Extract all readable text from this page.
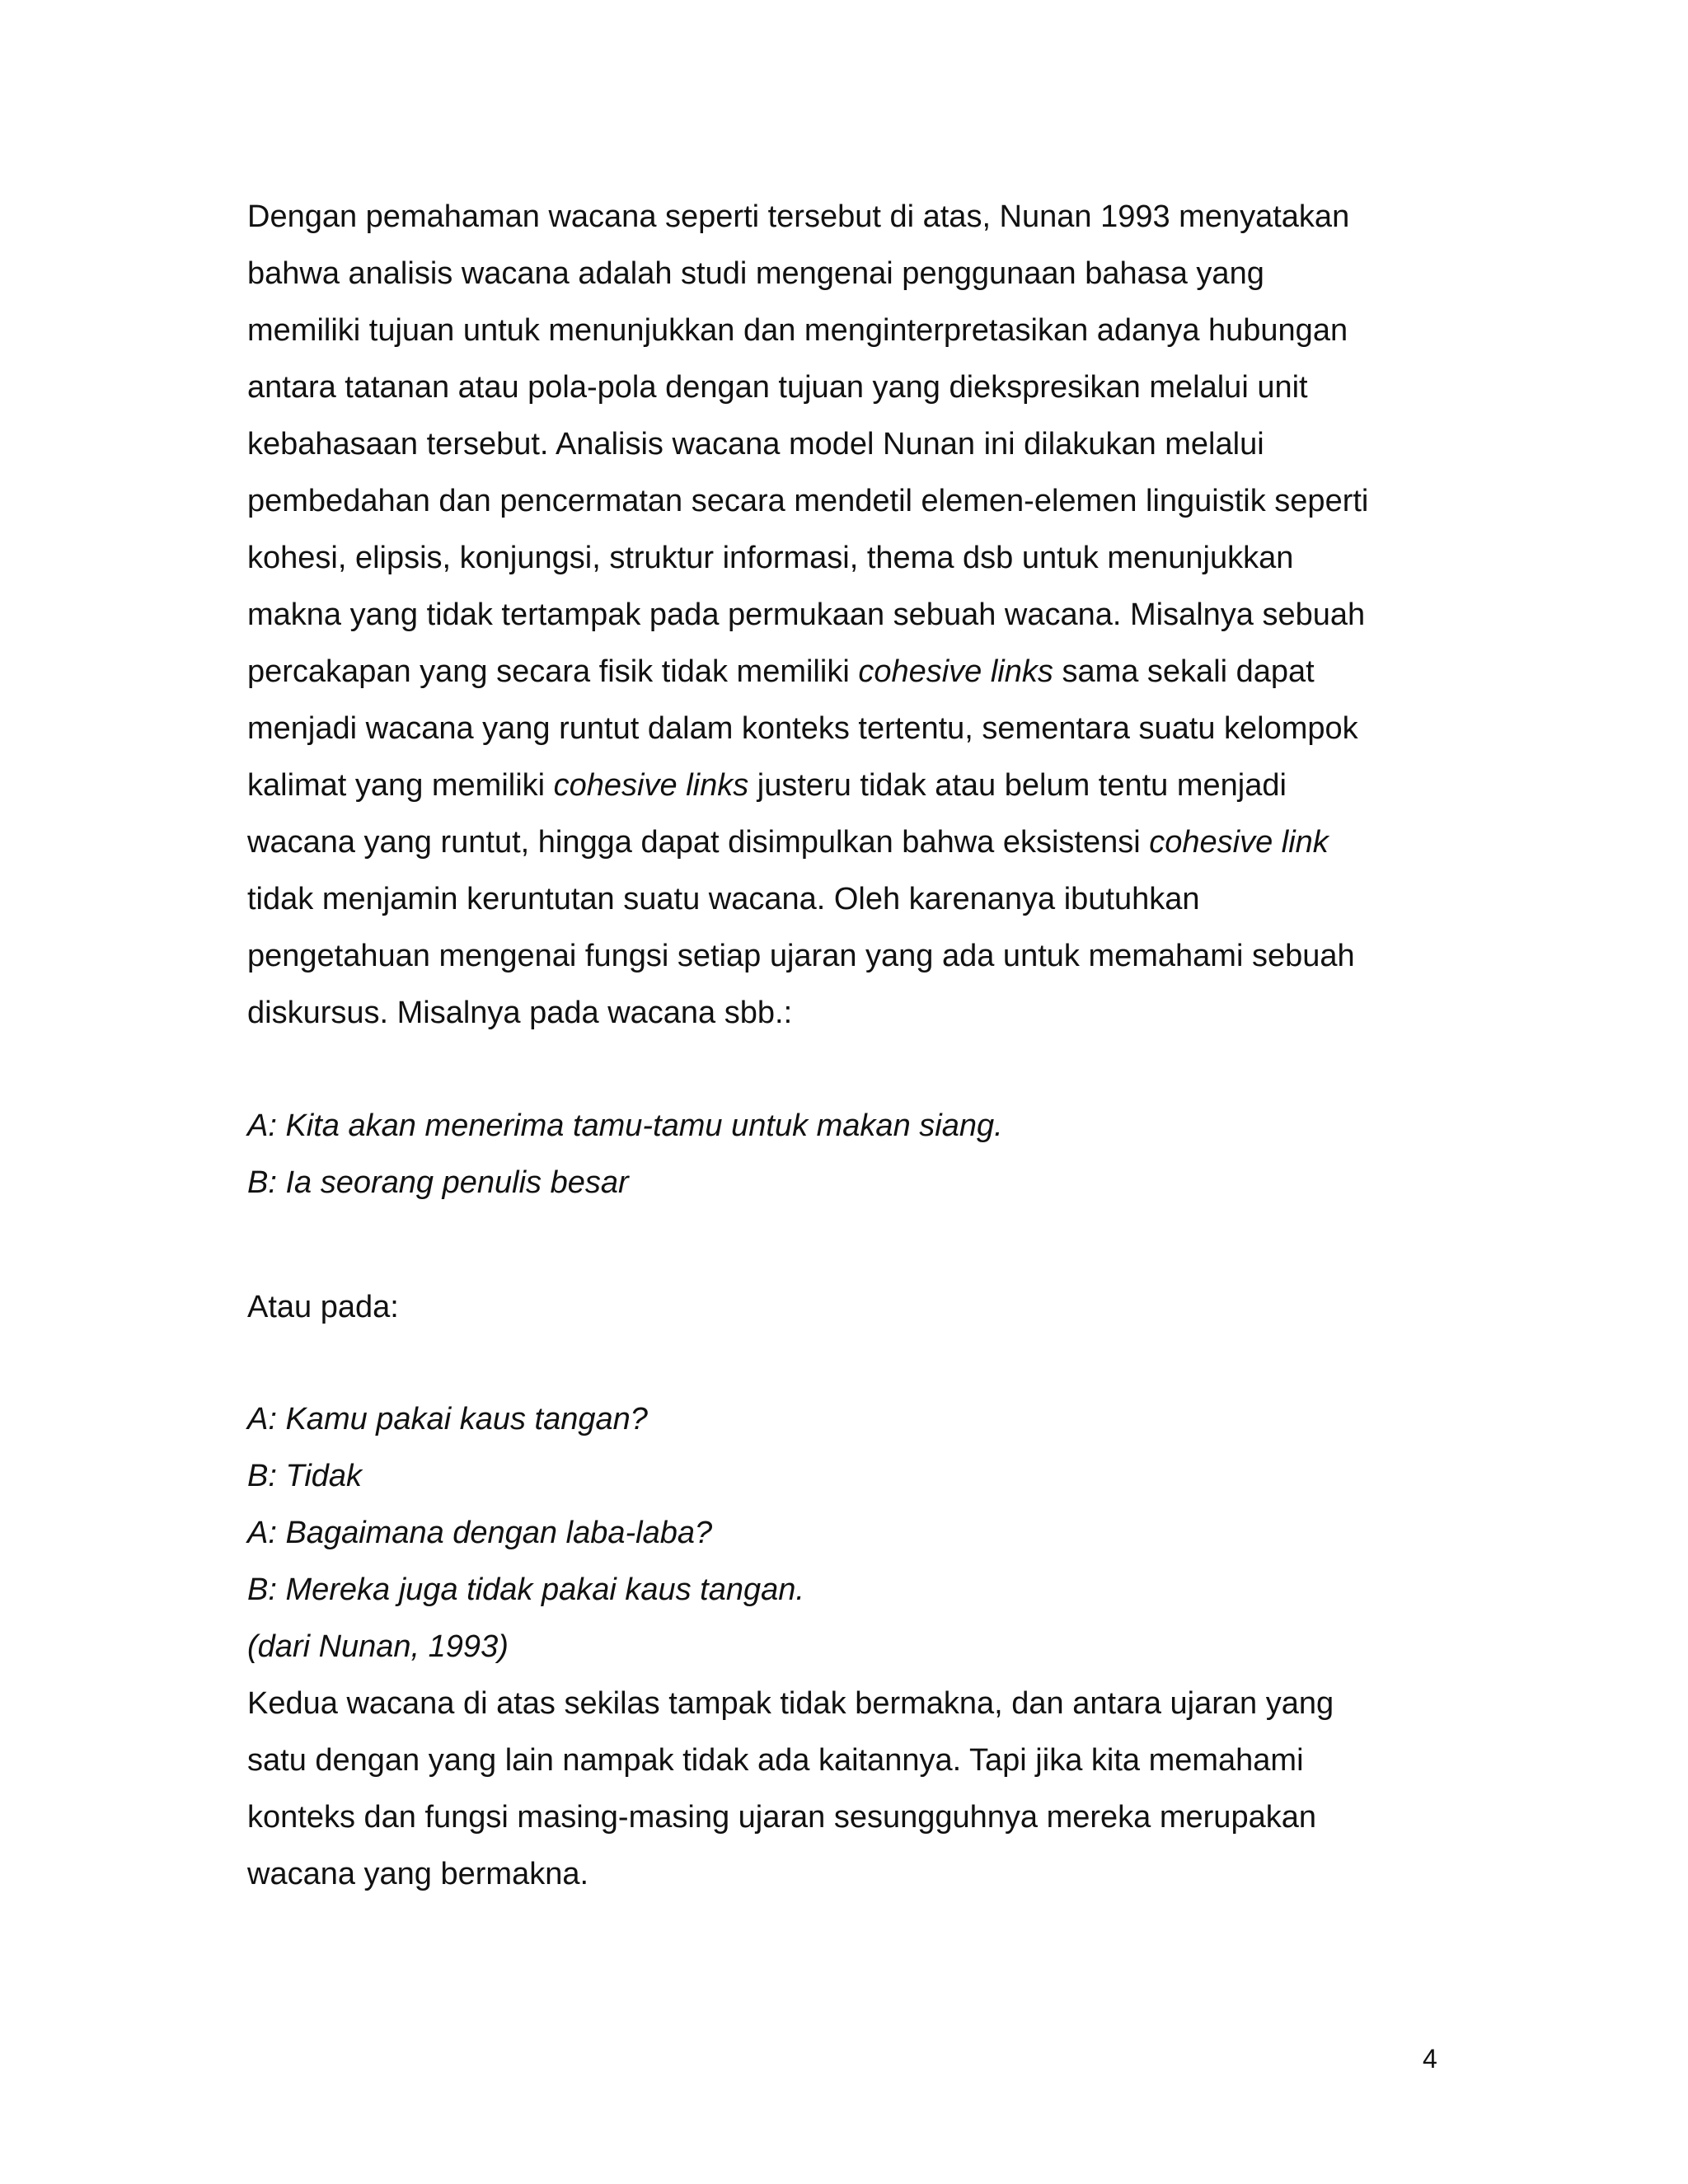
Dengan pemahaman wacana seperti tersebut di atas, Nunan 1993 menyatakan
bahwa analisis wacana adalah studi mengenai penggunaan bahasa yang
memiliki tujuan untuk menunjukkan dan menginterpretasikan adanya hubungan
antara tatanan atau pola-pola dengan tujuan yang diekspresikan melalui unit
kebahasaan tersebut. Analisis wacana model Nunan ini dilakukan melalui
pembedahan dan pencermatan secara mendetil elemen-elemen linguistik seperti
kohesi, elipsis, konjungsi, struktur informasi, thema dsb untuk menunjukkan
makna yang tidak tertampak pada permukaan sebuah wacana. Misalnya sebuah
percakapan yang secara fisik tidak memiliki cohesive links sama sekali dapat
menjadi wacana yang runtut dalam konteks tertentu, sementara suatu kelompok
kalimat yang memiliki cohesive links justeru tidak atau belum tentu menjadi
wacana yang runtut, hingga dapat disimpulkan bahwa eksistensi cohesive link
tidak menjamin keruntutan suatu wacana. Oleh karenanya ibutuhkan
pengetahuan mengenai fungsi setiap ujaran yang ada untuk memahami sebuah
diskursus. Misalnya pada wacana sbb.:
A: Kita akan menerima tamu-tamu untuk makan siang.
B: Ia seorang penulis besar
Atau pada:
A: Kamu pakai kaus tangan?
B: Tidak
A: Bagaimana dengan laba-laba?
B: Mereka juga tidak pakai kaus tangan.
(dari Nunan, 1993)
Kedua wacana di atas sekilas tampak tidak bermakna, dan antara ujaran yang
satu dengan yang lain nampak tidak ada kaitannya. Tapi jika kita memahami
konteks dan fungsi masing-masing ujaran sesungguhnya mereka merupakan
wacana yang bermakna.
4
